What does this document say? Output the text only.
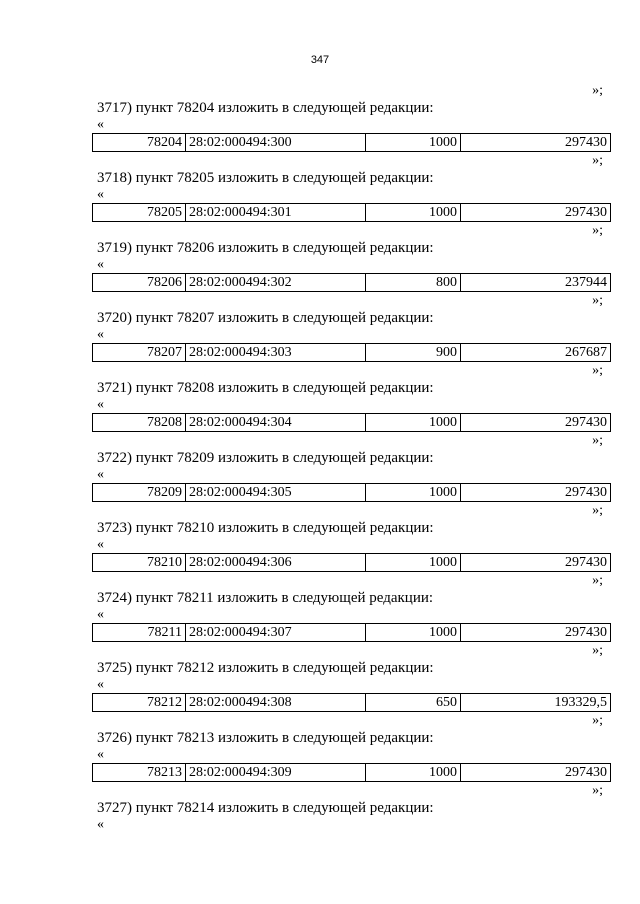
347
»;
3717) пункт 78204 изложить в следующей редакции:
«
78204	28:02:000494:300	1000	297430
»;
3718) пункт 78205 изложить в следующей редакции:
«
78205	28:02:000494:301	1000	297430
»;
3719) пункт 78206 изложить в следующей редакции:
«
78206	28:02:000494:302	800	237944
»;
3720) пункт 78207 изложить в следующей редакции:
«
78207	28:02:000494:303	900	267687
»;
3721) пункт 78208 изложить в следующей редакции:
«
78208	28:02:000494:304	1000	297430
»;
3722) пункт 78209 изложить в следующей редакции:
«
78209	28:02:000494:305	1000	297430
»;
3723) пункт 78210 изложить в следующей редакции:
«
78210	28:02:000494:306	1000	297430
»;
3724) пункт 78211 изложить в следующей редакции:
«
78211	28:02:000494:307	1000	297430
»;
3725) пункт 78212 изложить в следующей редакции:
«
78212	28:02:000494:308	650	193329,5
»;
3726) пункт 78213 изложить в следующей редакции:
«
78213	28:02:000494:309	1000	297430
»;
3727) пункт 78214 изложить в следующей редакции:
«
